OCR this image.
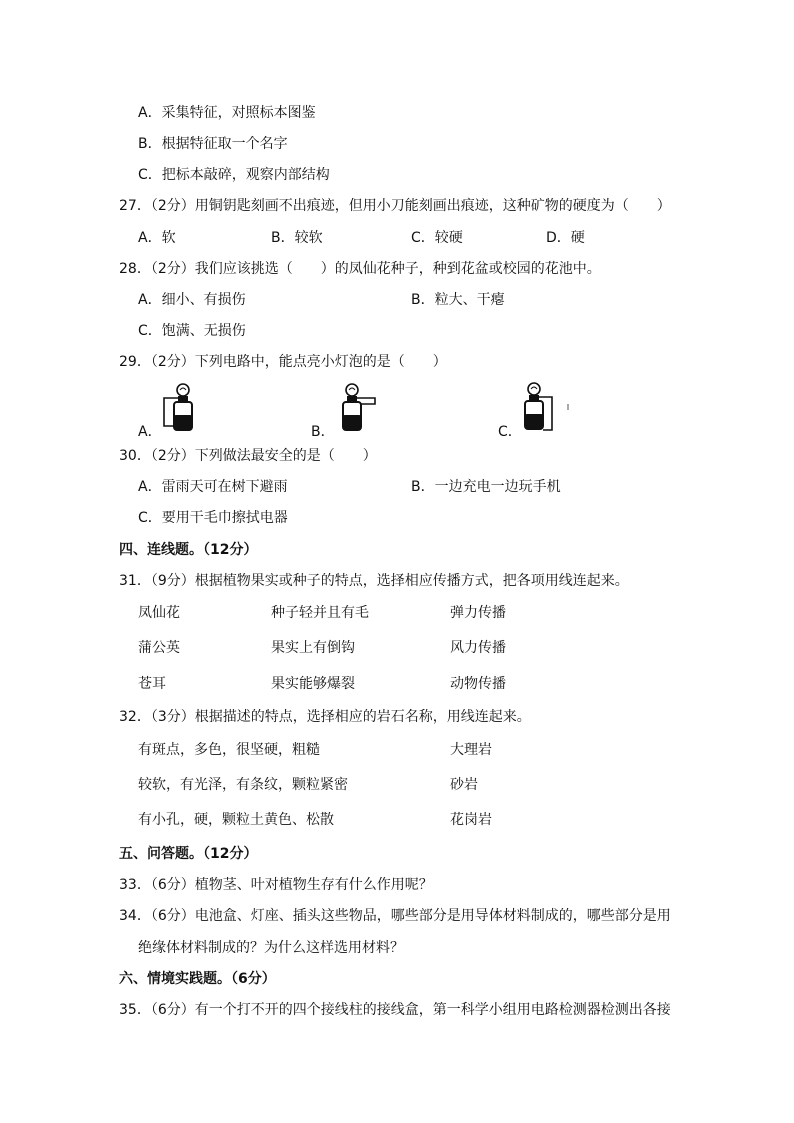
A．采集特征，对照标本图鉴
B．根据特征取一个名字
C．把标本敲碎，观察内部结构
27．（2分）用铜钥匙刻画不出痕迹，但用小刀能刻画出痕迹，这种矿物的硬度为（　　）
A．软	B．较软	C．较硬	D．硬
28．（2分）我们应该挑选（　　）的凤仙花种子，种到花盆或校园的花池中。
A．细小、有损伤	B．粒大、干瘪
C．饱满、无损伤
29．（2分）下列电路中，能点亮小灯泡的是（　　）
A．	B．	C．
30．（2分）下列做法最安全的是（　　）
A．雷雨天可在树下避雨	B．一边充电一边玩手机
C．要用干毛巾擦拭电器
四、连线题。（12分）
31．（9分）根据植物果实或种子的特点，选择相应传播方式，把各项用线连起来。
凤仙花	种子轻并且有毛	弹力传播
蒲公英	果实上有倒钩	风力传播
苍耳	果实能够爆裂	动物传播
32．（3分）根据描述的特点，选择相应的岩石名称，用线连起来。
有斑点，多色，很坚硬，粗糙	大理岩
较软，有光泽，有条纹，颗粒紧密	砂岩
有小孔，硬，颗粒土黄色、松散	花岗岩
五、问答题。（12分）
33．（6分）植物茎、叶对植物生存有什么作用呢？
34．（6分）电池盒、灯座、插头这些物品，哪些部分是用导体材料制成的，哪些部分是用
绝缘体材料制成的？为什么这样选用材料？
六、情境实践题。（6分）
35．（6分）有一个打不开的四个接线柱的接线盒，第一科学小组用电路检测器检测出各接
